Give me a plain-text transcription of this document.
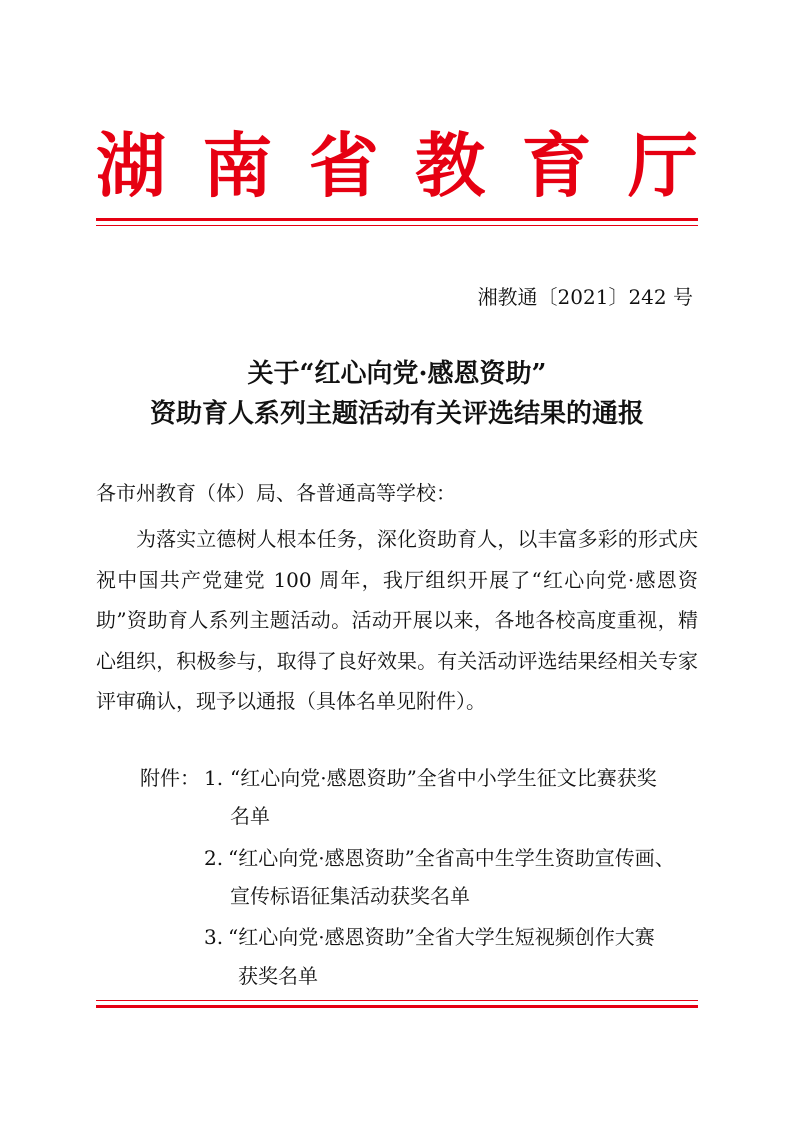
湖 南 省 教 育 厅
湘教通〔2021〕242 号
关于“红心向党·感恩资助”
资助育人系列主题活动有关评选结果的通报
各市州教育（体）局、各普通高等学校：

为落实立德树人根本任务，深化资助育人，以丰富多彩的形式庆祝中国共产党建党 100 周年，我厅组织开展了“红心向党·感恩资助”资助育人系列主题活动。活动开展以来，各地各校高度重视，精心组织，积极参与，取得了良好效果。有关活动评选结果经相关专家评审确认，现予以通报（具体名单见附件）。

附件： 1. “红心向党·感恩资助”全省中小学生征文比赛获奖
名单
2. “红心向党·感恩资助”全省高中生学生资助宣传画、
宣传标语征集活动获奖名单
3. “红心向党·感恩资助”全省大学生短视频创作大赛
获奖名单
